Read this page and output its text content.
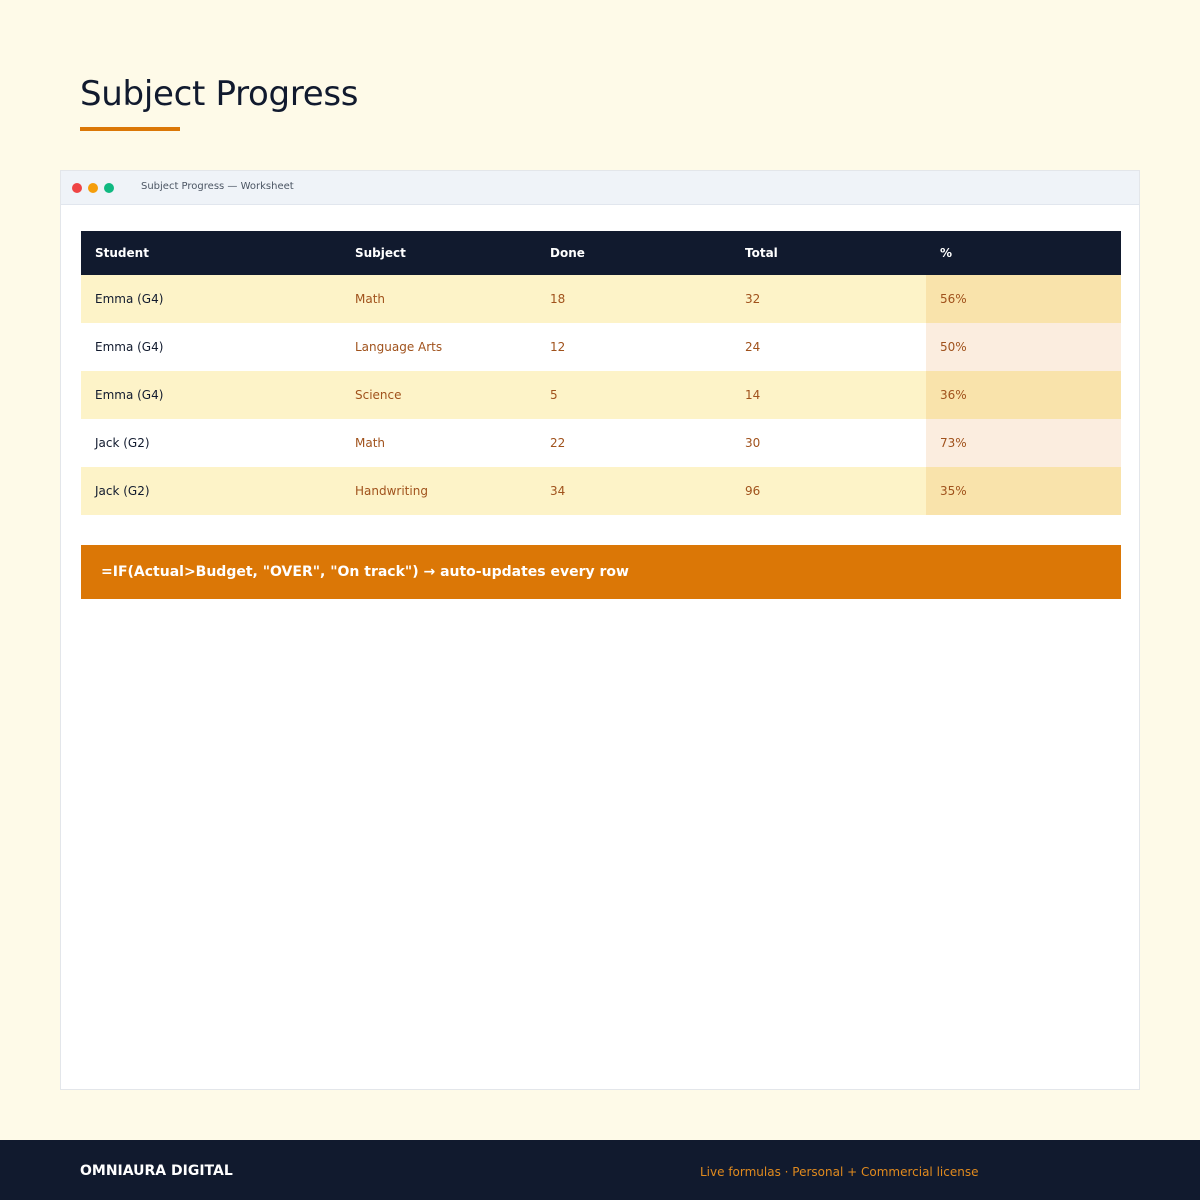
Subject Progress
Subject Progress — Worksheet
Student	Subject	Done	Total	%
Emma (G4)	Math	18	32	56%
Emma (G4)	Language Arts	12	24	50%
Emma (G4)	Science	5	14	36%
Jack (G2)	Math	22	30	73%
Jack (G2)	Handwriting	34	96	35%
=IF(Actual>Budget, "OVER", "On track") → auto-updates every row
OMNIAURA DIGITAL	Live formulas · Personal + Commercial license
